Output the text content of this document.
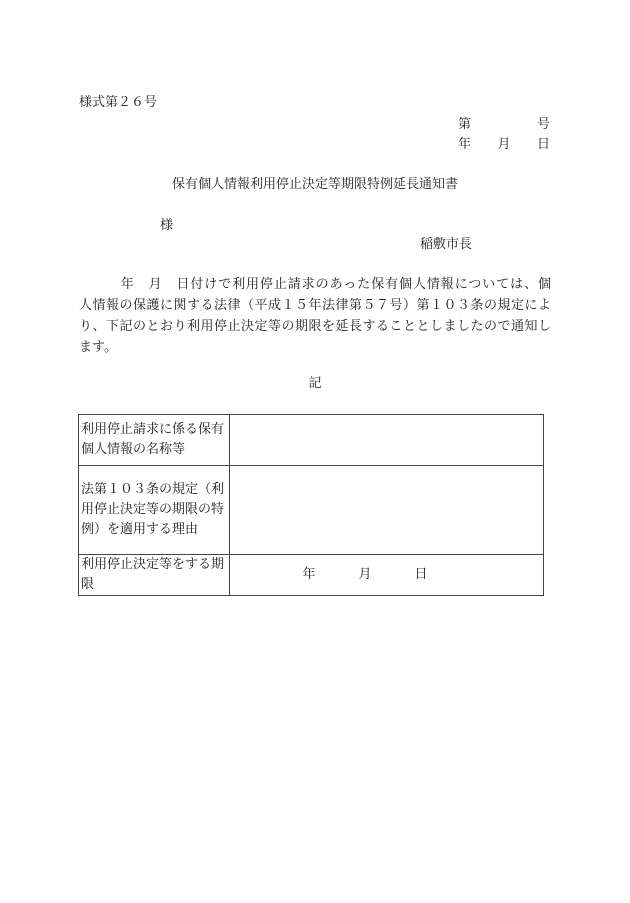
様式第２６号
第	号
年 月 日
保有個人情報利用停止決定等期限特例延長通知書
様
稲敷市長
　　　年　月　日付けで利用停止請求のあった保有個人情報については、個
人情報の保護に関する法律（平成１５年法律第５７号）第１０３条の規定によ
り、下記のとおり利用停止決定等の期限を延長することとしましたので通知し
ます。
記
利用停止請求に係る保有
個人情報の名称等	

法第１０３条の規定（利
用停止決定等の期限の特
例）を適用する理由	

利用停止決定等をする期
限	年 月 日
